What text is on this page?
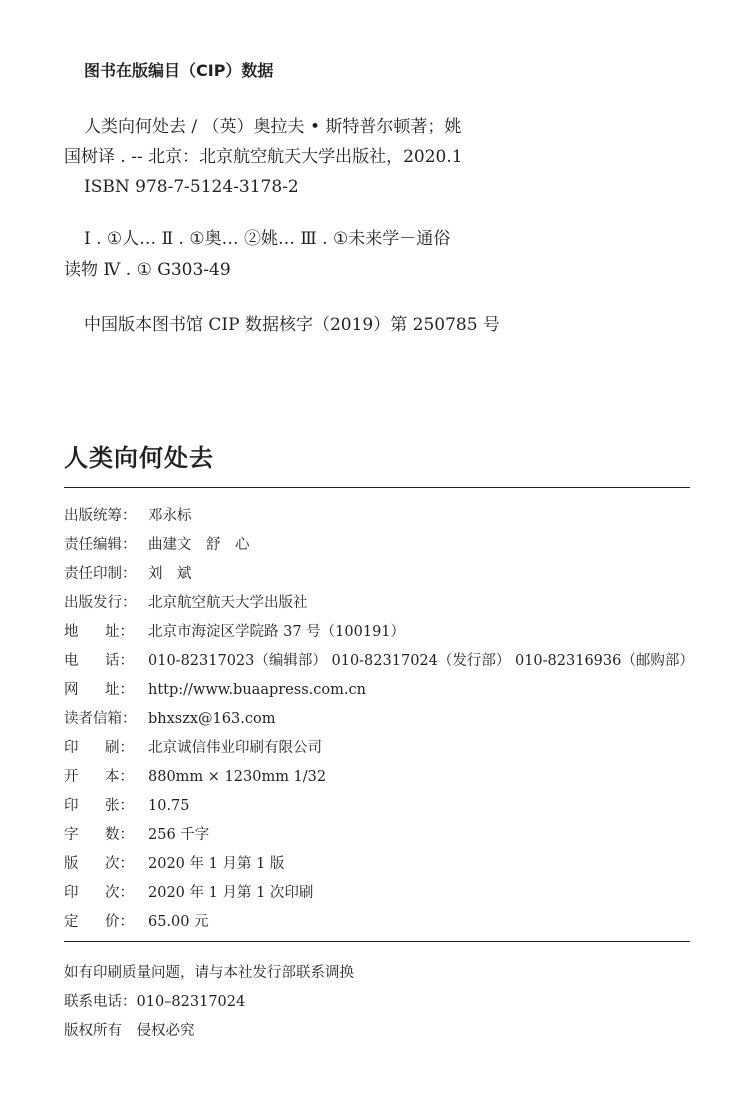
图书在版编目（CIP）数据
人类向何处去 / （英）奥拉夫 • 斯特普尔顿著；姚
国树译 . -- 北京：北京航空航天大学出版社，2020.1
ISBN 978-7-5124-3178-2
Ⅰ . ①人… Ⅱ . ①奥… ②姚… Ⅲ . ①未来学－通俗
读物 Ⅳ . ① G303-49
中国版本图书馆 CIP 数据核字（2019）第 250785 号
人类向何处去
出版统筹： 邓永标
责任编辑： 曲建文　舒　心
责任印制： 刘　斌
出版发行： 北京航空航天大学出版社
地 址： 北京市海淀区学院路 37 号（100191）
电 话： 010-82317023（编辑部） 010-82317024（发行部） 010-82316936（邮购部）
网 址： http://www.buaapress.com.cn
读者信箱： bhxszx@163.com
印 刷： 北京诚信伟业印刷有限公司
开 本： 880mm × 1230mm 1/32
印 张： 10.75
字 数： 256 千字
版 次： 2020 年 1 月第 1 版
印 次： 2020 年 1 月第 1 次印刷
定 价： 65.00 元
如有印刷质量问题，请与本社发行部联系调换
联系电话：010–82317024
版权所有　侵权必究
